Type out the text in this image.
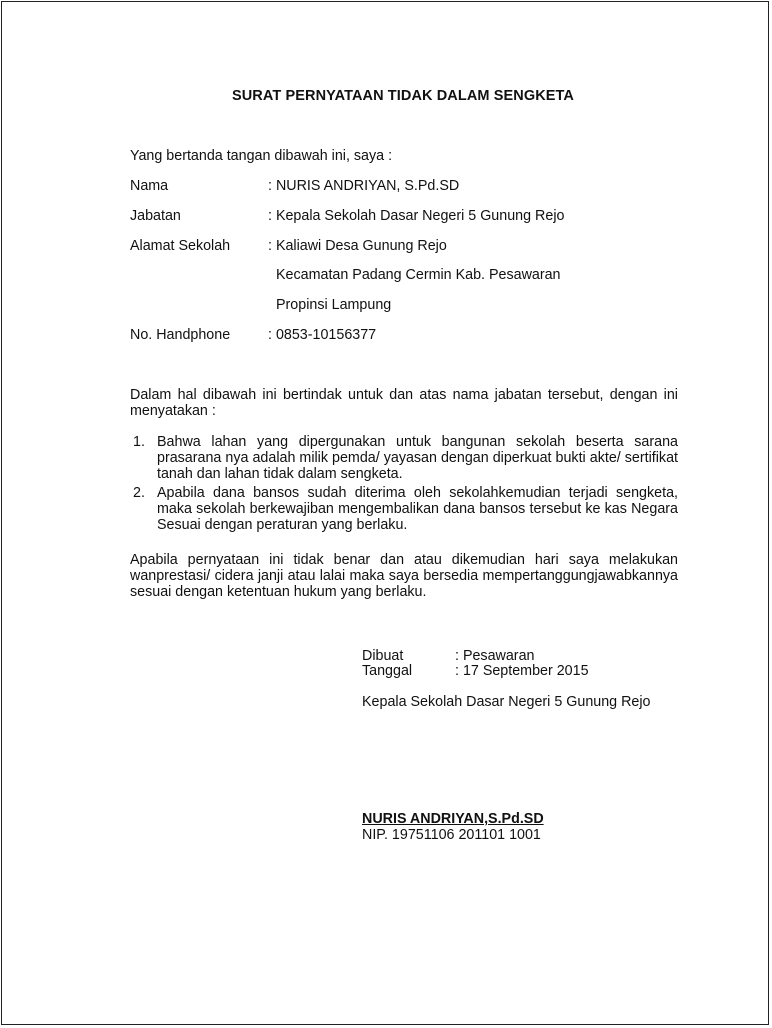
SURAT PERNYATAAN TIDAK DALAM SENGKETA
Yang bertanda tangan dibawah ini, saya :
Nama	: NURIS ANDRIYAN, S.Pd.SD
Jabatan	: Kepala Sekolah Dasar Negeri 5 Gunung Rejo
Alamat Sekolah	: Kaliawi Desa Gunung Rejo
Kecamatan Padang Cermin Kab. Pesawaran
Propinsi Lampung
No. Handphone	: 0853-10156377
Dalam hal dibawah ini bertindak untuk dan atas nama jabatan tersebut, dengan ini menyatakan :
1. Bahwa lahan yang dipergunakan untuk bangunan sekolah beserta sarana prasarana nya adalah milik pemda/ yayasan dengan diperkuat bukti akte/ sertifikat tanah dan lahan tidak dalam sengketa.
2. Apabila dana bansos sudah diterima oleh sekolahkemudian terjadi sengketa, maka sekolah berkewajiban mengembalikan dana bansos tersebut ke kas Negara Sesuai dengan peraturan yang berlaku.
Apabila pernyataan ini tidak benar dan atau dikemudian hari saya melakukan wanprestasi/ cidera janji atau lalai maka saya bersedia mempertanggungjawabkannya sesuai dengan ketentuan hukum yang berlaku.
Dibuat	: Pesawaran
Tanggal	: 17 September 2015
Kepala Sekolah Dasar Negeri 5 Gunung Rejo
NURIS ANDRIYAN,S.Pd.SD
NIP. 19751106 201101 1001
